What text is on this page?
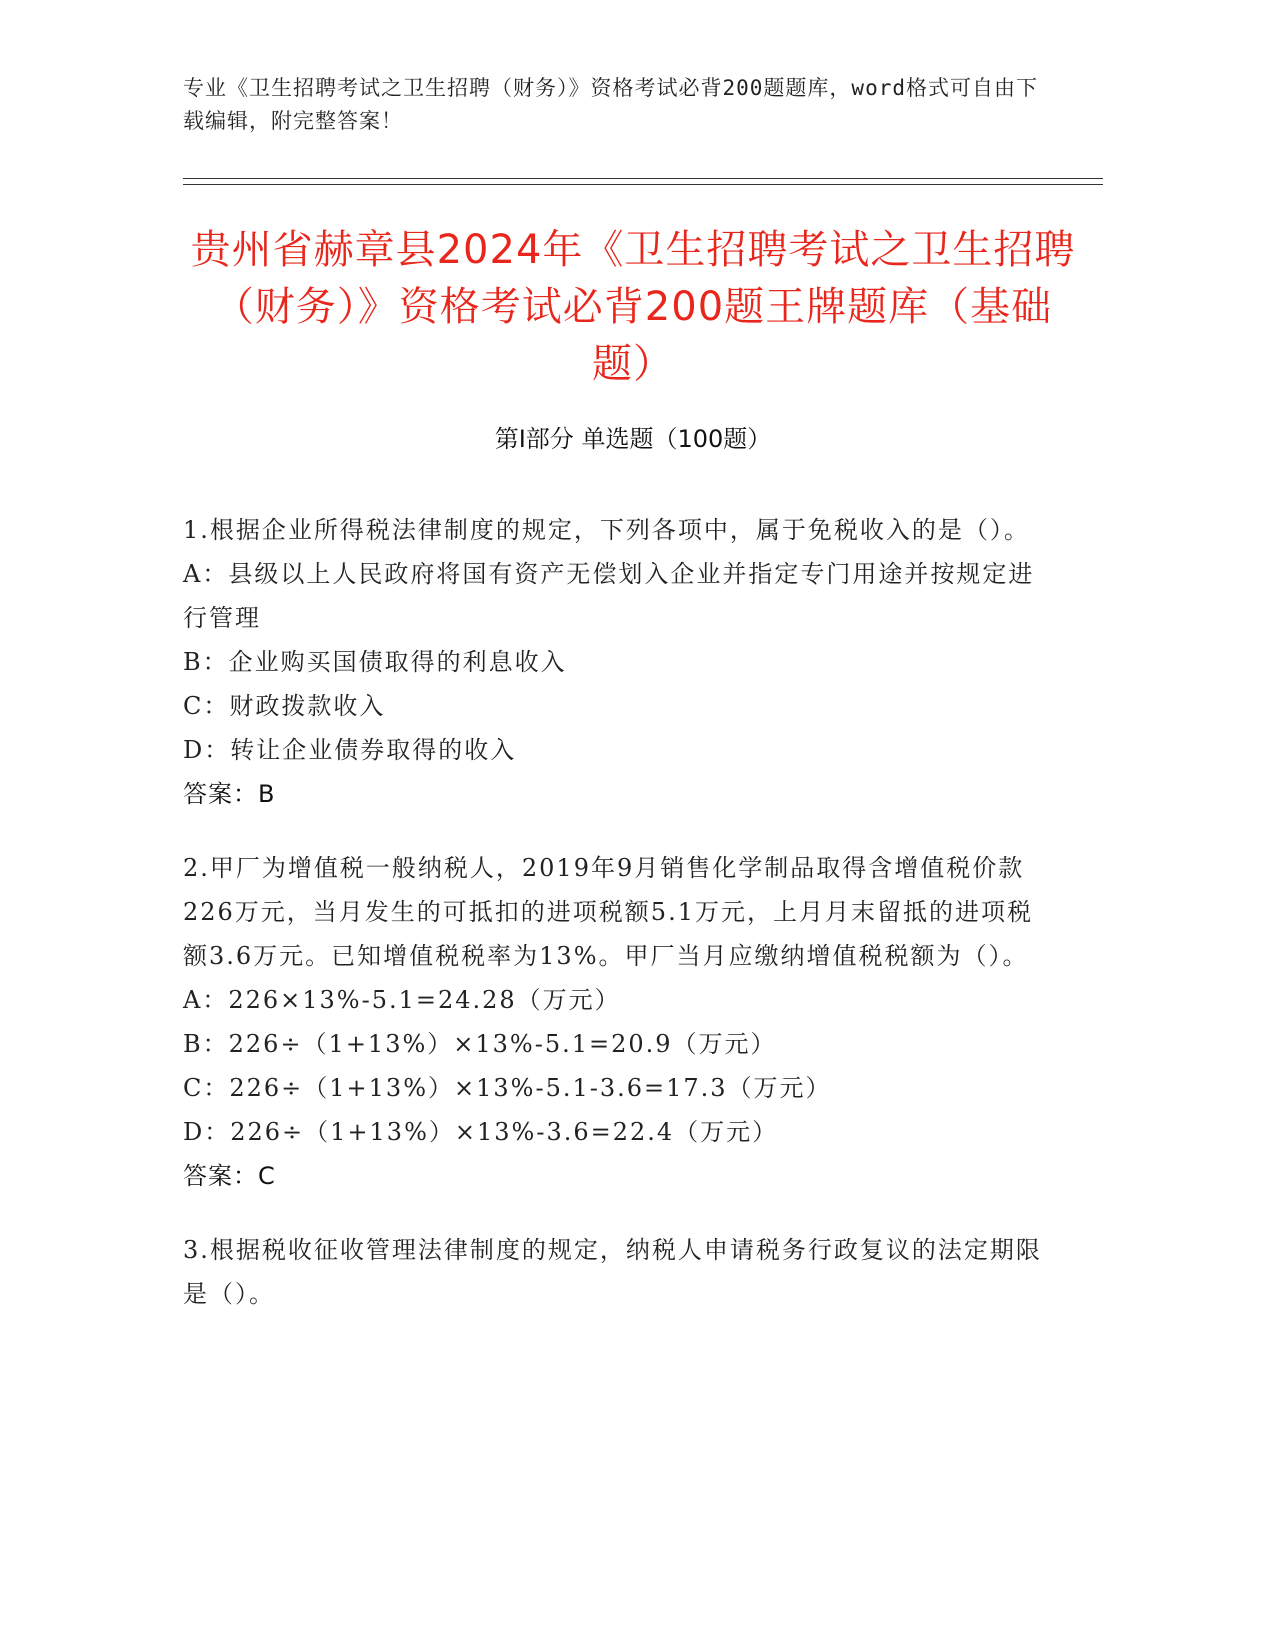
专业《卫生招聘考试之卫生招聘（财务）》资格考试必背200题题库，word格式可自由下载编辑，附完整答案！
贵州省赫章县2024年《卫生招聘考试之卫生招聘（财务）》资格考试必背200题王牌题库（基础题）
第Ⅰ部分 单选题（100题）

1.根据企业所得税法律制度的规定，下列各项中，属于免税收入的是（）。

A：县级以上人民政府将国有资产无偿划入企业并指定专门用途并按规定进行管理

B：企业购买国债取得的利息收入

C：财政拨款收入

D：转让企业债券取得的收入

答案：B

2.甲厂为增值税一般纳税人，2019年9月销售化学制品取得含增值税价款226万元，当月发生的可抵扣的进项税额5.1万元，上月月末留抵的进项税额3.6万元。已知增值税税率为13%。甲厂当月应缴纳增值税税额为（）。

A：226×13%-5.1=24.28（万元）

B：226÷（1+13%）×13%-5.1=20.9（万元）

C：226÷（1+13%）×13%-5.1-3.6=17.3（万元）

D：226÷（1+13%）×13%-3.6=22.4（万元）

答案：C

3.根据税收征收管理法律制度的规定，纳税人申请税务行政复议的法定期限是（）。
